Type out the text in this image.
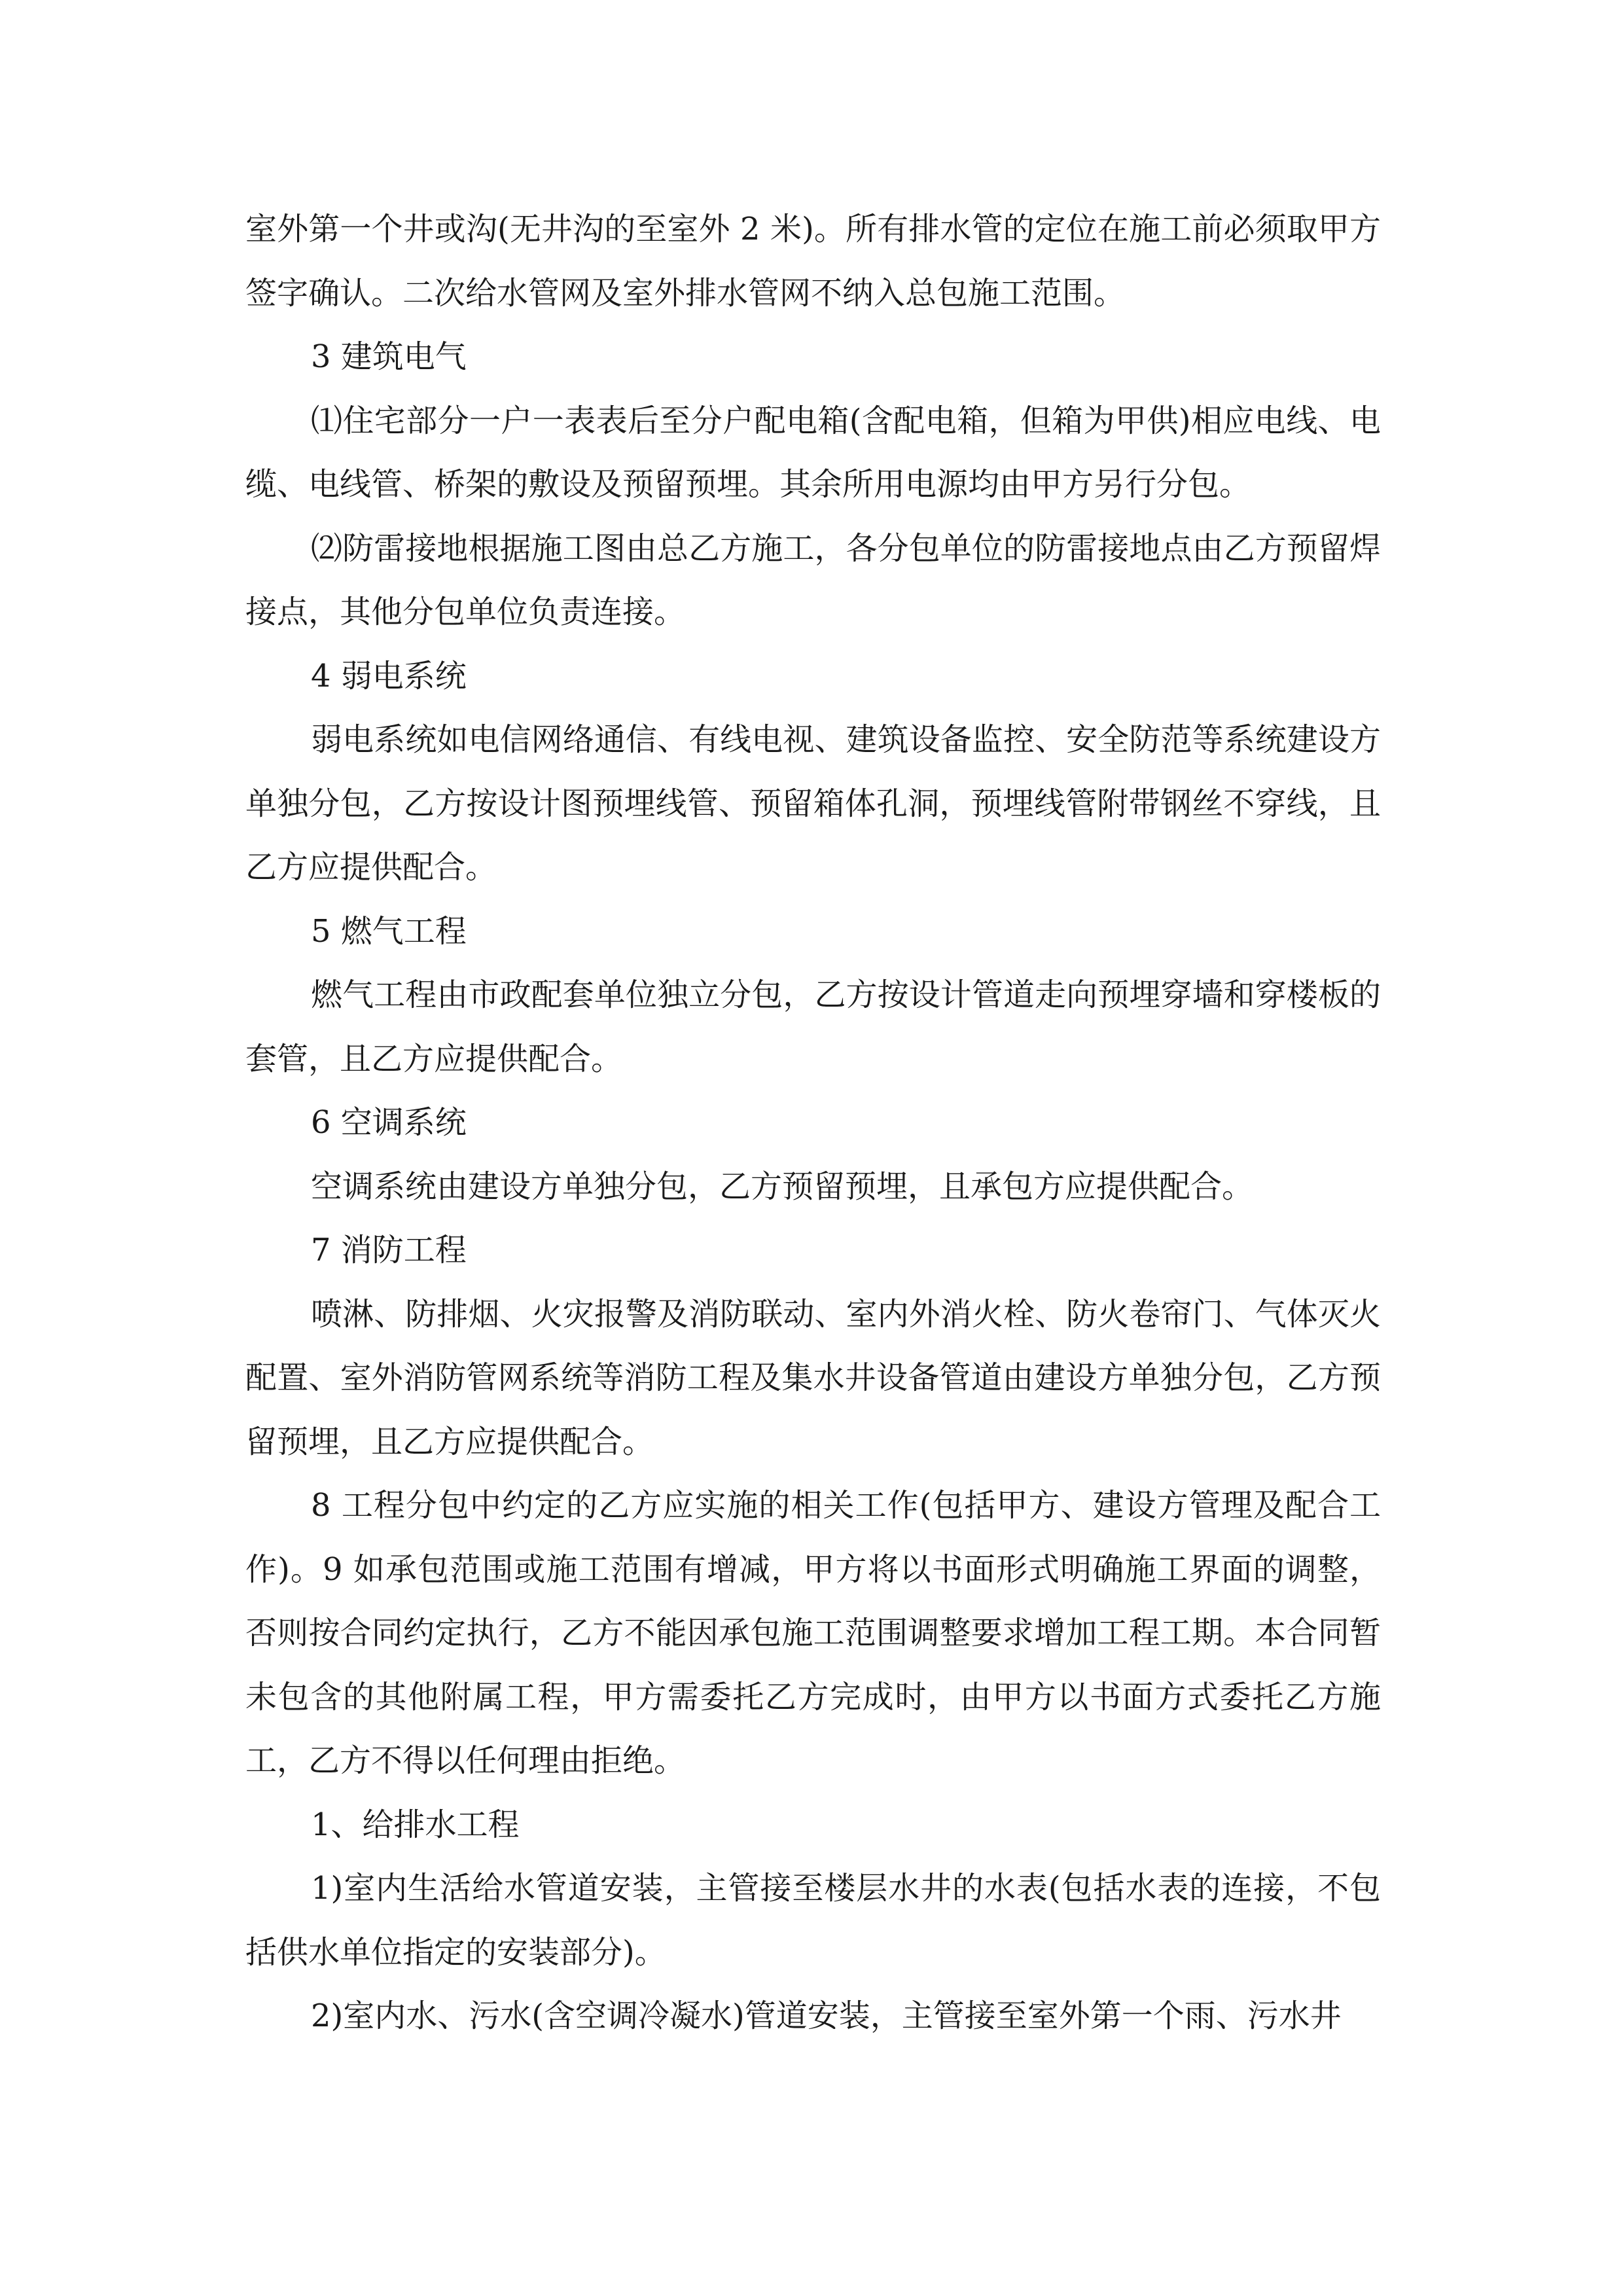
室外第一个井或沟(无井沟的至室外 2 米)。所有排水管的定位在施工前必须取甲方签字确认。二次给水管网及室外排水管网不纳入总包施工范围。

3 建筑电气

⑴住宅部分一户一表表后至分户配电箱(含配电箱，但箱为甲供)相应电线、电缆、电线管、桥架的敷设及预留预埋。其余所用电源均由甲方另行分包。

⑵防雷接地根据施工图由总乙方施工，各分包单位的防雷接地点由乙方预留焊接点，其他分包单位负责连接。

4 弱电系统

弱电系统如电信网络通信、有线电视、建筑设备监控、安全防范等系统建设方单独分包，乙方按设计图预埋线管、预留箱体孔洞，预埋线管附带钢丝不穿线，且乙方应提供配合。

5 燃气工程

燃气工程由市政配套单位独立分包，乙方按设计管道走向预埋穿墙和穿楼板的套管，且乙方应提供配合。

6 空调系统

空调系统由建设方单独分包，乙方预留预埋，且承包方应提供配合。

7 消防工程

喷淋、防排烟、火灾报警及消防联动、室内外消火栓、防火卷帘门、气体灭火配置、室外消防管网系统等消防工程及集水井设备管道由建设方单独分包，乙方预留预埋，且乙方应提供配合。

8 工程分包中约定的乙方应实施的相关工作(包括甲方、建设方管理及配合工作)。9 如承包范围或施工范围有增减，甲方将以书面形式明确施工界面的调整，否则按合同约定执行，乙方不能因承包施工范围调整要求增加工程工期。本合同暂未包含的其他附属工程，甲方需委托乙方完成时，由甲方以书面方式委托乙方施工，乙方不得以任何理由拒绝。

1、给排水工程

1)室内生活给水管道安装，主管接至楼层水井的水表(包括水表的连接，不包括供水单位指定的安装部分)。

2)室内水、污水(含空调冷凝水)管道安装，主管接至室外第一个雨、污水井
